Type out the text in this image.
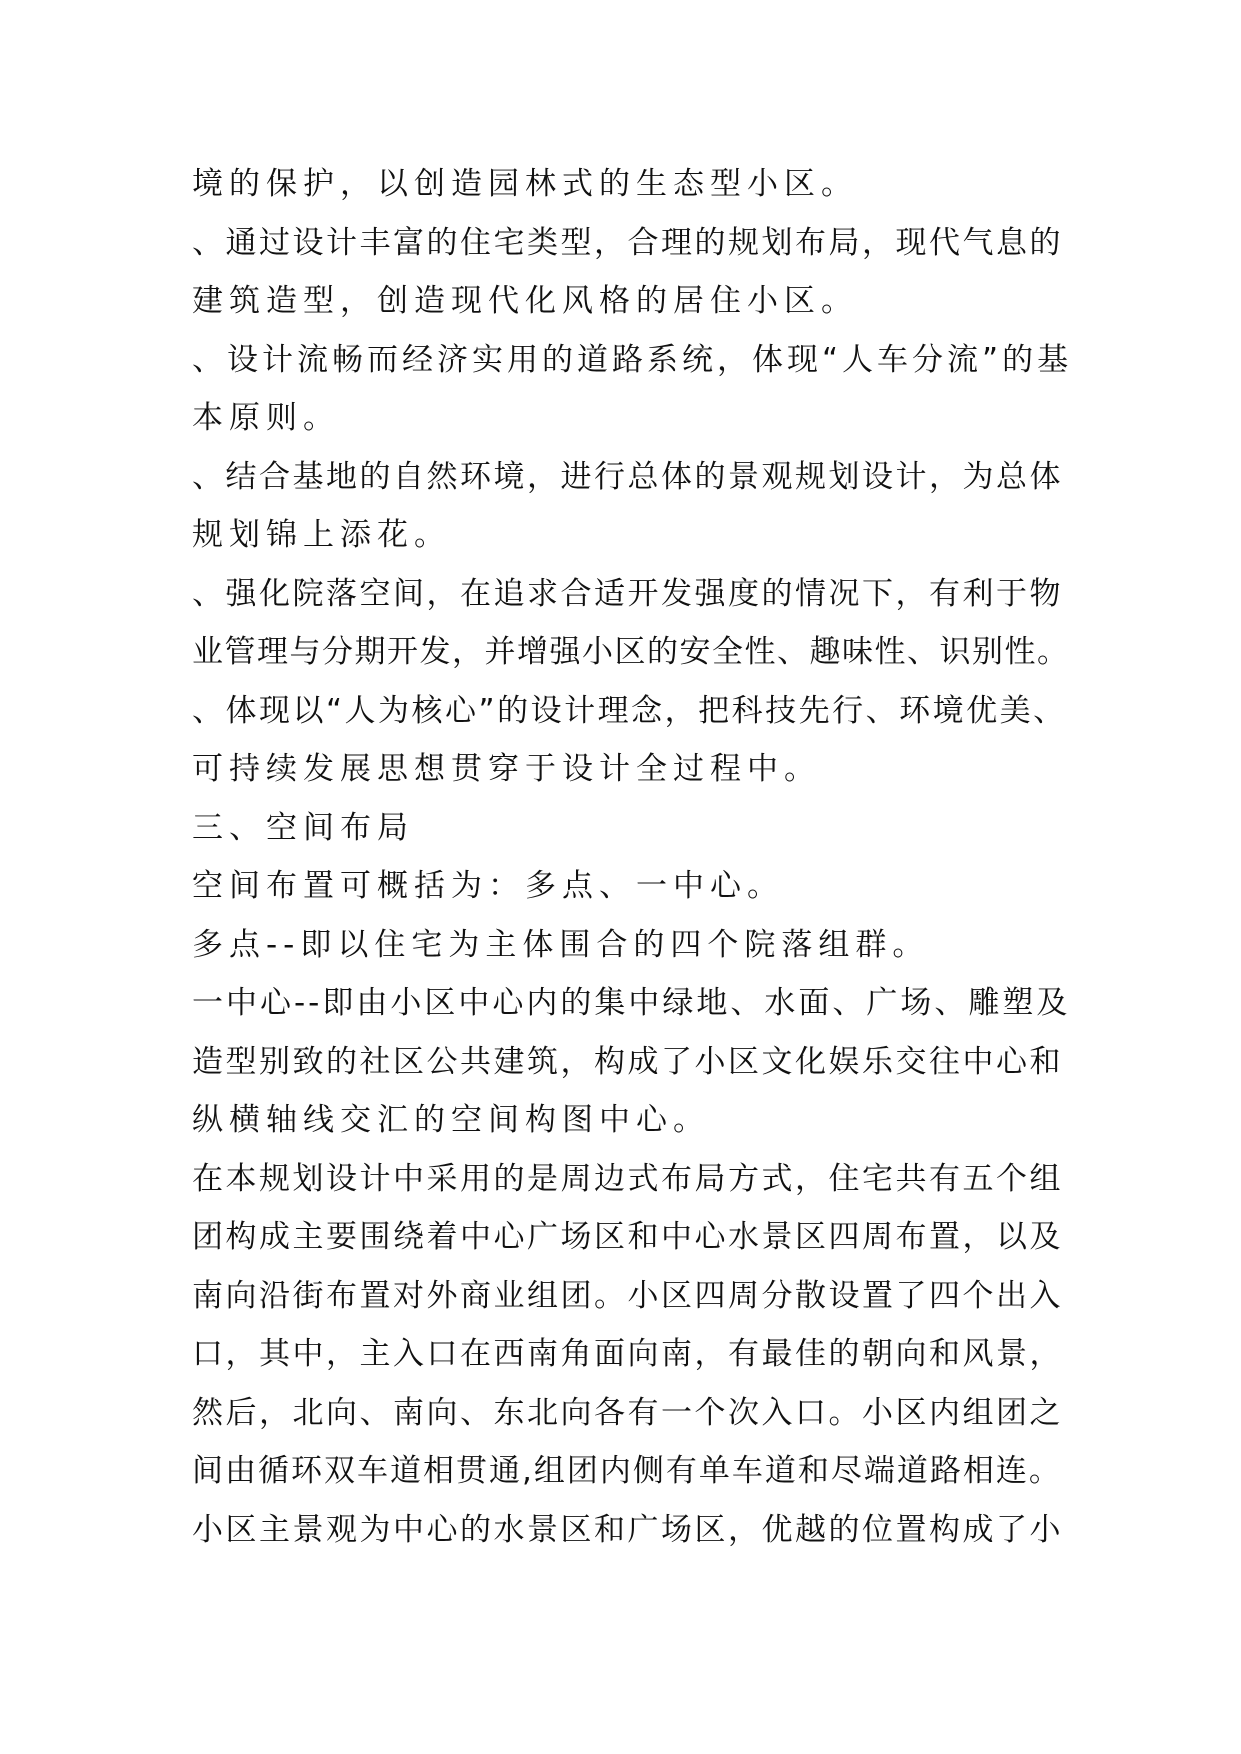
境的保护，以创造园林式的生态型小区。
、通过设计丰富的住宅类型，合理的规划布局，现代气息的
建筑造型，创造现代化风格的居住小区。
、设计流畅而经济实用的道路系统，体现“人车分流”的基
本原则。
、结合基地的自然环境，进行总体的景观规划设计，为总体
规划锦上添花。
、强化院落空间，在追求合适开发强度的情况下，有利于物
业管理与分期开发，并增强小区的安全性、趣味性、识别性。
、体现以“人为核心”的设计理念，把科技先行、环境优美、
可持续发展思想贯穿于设计全过程中。
三、空间布局
空间布置可概括为：多点、一中心。
多点--即以住宅为主体围合的四个院落组群。
一中心--即由小区中心内的集中绿地、水面、广场、雕塑及
造型别致的社区公共建筑，构成了小区文化娱乐交往中心和
纵横轴线交汇的空间构图中心。
在本规划设计中采用的是周边式布局方式，住宅共有五个组
团构成主要围绕着中心广场区和中心水景区四周布置，以及
南向沿街布置对外商业组团。小区四周分散设置了四个出入
口，其中，主入口在西南角面向南，有最佳的朝向和风景，
然后，北向、南向、东北向各有一个次入口。小区内组团之
间由循环双车道相贯通,组团内侧有单车道和尽端道路相连。
小区主景观为中心的水景区和广场区，优越的位置构成了小
